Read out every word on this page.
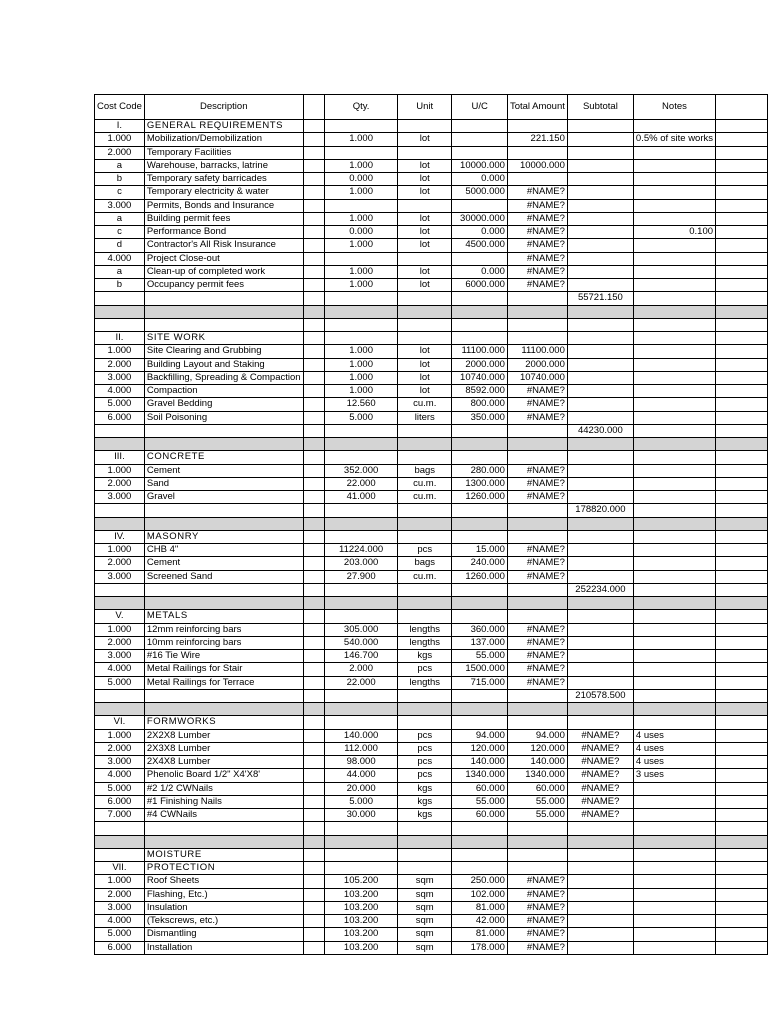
Cost Code	Description		Qty.	Unit	U/C	Total Amount	Subtotal	Notes	
I.	GENERAL REQUIREMENTS								
1.000	Mobilization/Demobilization		1.000	lot		221.150		0.5% of site works	
2.000	Temporary Facilities								
a	Warehouse, barracks, latrine		1.000	lot	10000.000	10000.000			
b	Temporary safety barricades		0.000	lot	0.000				
c	Temporary electricity & water		1.000	lot	5000.000	#NAME?			
3.000	Permits, Bonds and Insurance					#NAME?			
a	Building permit fees		1.000	lot	30000.000	#NAME?			
c	Performance Bond		0.000	lot	0.000	#NAME?		0.100	
d	Contractor's All Risk Insurance		1.000	lot	4500.000	#NAME?			
4.000	Project Close-out					#NAME?			
a	Clean-up of completed work		1.000	lot	0.000	#NAME?			
b	Occupancy permit fees		1.000	lot	6000.000	#NAME?			
							55721.150		

II.	SITE WORK								
1.000	Site Clearing and Grubbing		1.000	lot	11100.000	11100.000			
2.000	Building Layout and Staking		1.000	lot	2000.000	2000.000			
3.000	Backfilling, Spreading & Compaction		1.000	lot	10740.000	10740.000			
4.000	Compaction		1.000	lot	8592.000	#NAME?			
5.000	Gravel Bedding		12.560	cu.m.	800.000	#NAME?			
6.000	Soil Poisoning		5.000	liters	350.000	#NAME?			
							44230.000		

III.	CONCRETE								
1.000	Cement		352.000	bags	280.000	#NAME?			
2.000	Sand		22.000	cu.m.	1300.000	#NAME?			
3.000	Gravel		41.000	cu.m.	1260.000	#NAME?			
							178820.000		

IV.	MASONRY								
1.000	CHB 4"		11224.000	pcs	15.000	#NAME?			
2.000	Cement		203.000	bags	240.000	#NAME?			
3.000	Screened Sand		27.900	cu.m.	1260.000	#NAME?			
							252234.000		

V.	METALS								
1.000	12mm reinforcing bars		305.000	lengths	360.000	#NAME?			
2.000	10mm reinforcing bars		540.000	lengths	137.000	#NAME?			
3.000	#16 Tie Wire		146.700	kgs	55.000	#NAME?			
4.000	Metal Railings for Stair		2.000	pcs	1500.000	#NAME?			
5.000	Metal Railings for Terrace		22.000	lengths	715.000	#NAME?			
							210578.500		

VI.	FORMWORKS								
1.000	2X2X8 Lumber		140.000	pcs	94.000	94.000	#NAME?	4 uses	
2.000	2X3X8 Lumber		112.000	pcs	120.000	120.000	#NAME?	4 uses	
3.000	2X4X8 Lumber		98.000	pcs	140.000	140.000	#NAME?	4 uses	
4.000	Phenolic Board 1/2" X4'X8'		44.000	pcs	1340.000	1340.000	#NAME?	3 uses	
5.000	#2 1/2 CWNails		20.000	kgs	60.000	60.000	#NAME?		
6.000	#1 Finishing Nails		5.000	kgs	55.000	55.000	#NAME?		
7.000	#4 CWNails		30.000	kgs	60.000	55.000	#NAME?		

	MOISTURE								
VII.	PROTECTION								
1.000	Roof Sheets		105.200	sqm	250.000	#NAME?			
2.000	Flashing, Etc.)		103.200	sqm	102.000	#NAME?			
3.000	Insulation		103.200	sqm	81.000	#NAME?			
4.000	(Tekscrews, etc.)		103.200	sqm	42.000	#NAME?			
5.000	Dismantling		103.200	sqm	81.000	#NAME?			
6.000	Installation		103.200	sqm	178.000	#NAME?			
